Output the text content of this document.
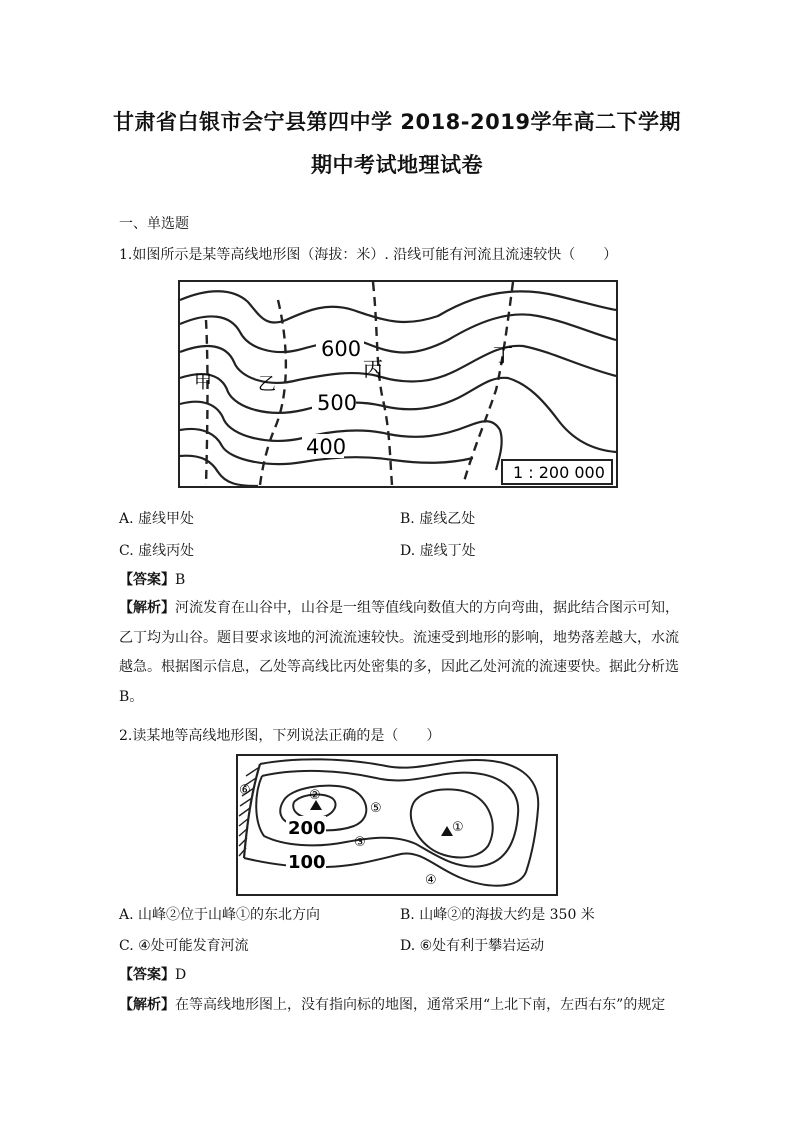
甘肃省白银市会宁县第四中学 2018-2019学年高二下学期
期中考试地理试卷
一、单选题
1.如图所示是某等高线地形图（海拔：米）. 沿线可能有河流且流速较快（　　）
600
500
400
甲	乙
丙
丁
1 : 200 000
A. 虚线甲处	B. 虚线乙处
C. 虚线丙处	D. 虚线丁处
【答案】B
【解析】河流发育在山谷中，山谷是一组等值线向数值大的方向弯曲，据此结合图示可知，乙丁均为山谷。题目要求该地的河流流速较快。流速受到地形的影响，地势落差越大，水流越急。根据图示信息，乙处等高线比丙处密集的多，因此乙处河流的流速要快。据此分析选B。
2.读某地等高线地形图，下列说法正确的是（　　）
200
100
①
②
③
④
⑤
⑥
A. 山峰②位于山峰①的东北方向	B. 山峰②的海拔大约是 350 米
C. ④处可能发育河流	D. ⑥处有利于攀岩运动
【答案】D
【解析】在等高线地形图上，没有指向标的地图，通常采用“上北下南，左西右东”的规定
